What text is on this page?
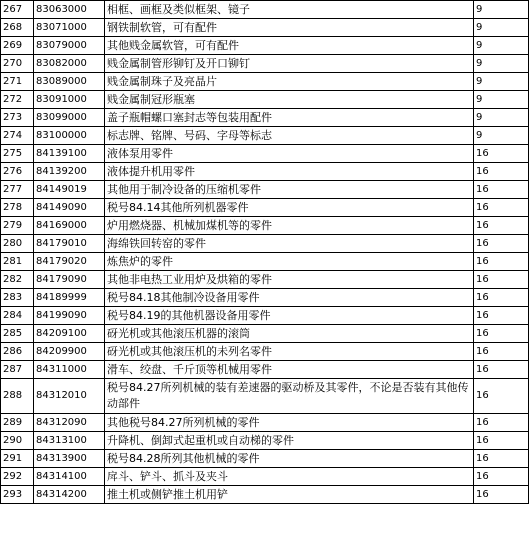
267	83063000	相框、画框及类似框架、镜子	9
268	83071000	钢铁制软管，可有配件	9
269	83079000	其他贱金属软管，可有配件	9
270	83082000	贱金属制管形铆钉及开口铆钉	9
271	83089000	贱金属制珠子及亮晶片	9
272	83091000	贱金属制冠形瓶塞	9
273	83099000	盖子瓶帽螺口塞封志等包装用配件	9
274	83100000	标志牌、铭牌、号码、字母等标志	9
275	84139100	液体泵用零件	16
276	84139200	液体提升机用零件	16
277	84149019	其他用于制冷设备的压缩机零件	16
278	84149090	税号84.14其他所列机器零件	16
279	84169000	炉用燃烧器、机械加煤机等的零件	16
280	84179010	海绵铁回转窑的零件	16
281	84179020	炼焦炉的零件	16
282	84179090	其他非电热工业用炉及烘箱的零件	16
283	84189999	税号84.18其他制冷设备用零件	16
284	84199090	税号84.19的其他机器设备用零件	16
285	84209100	砑光机或其他滚压机器的滚筒	16
286	84209900	砑光机或其他滚压机的未列名零件	16
287	84311000	滑车、绞盘、千斤顶等机械用零件	16
288	84312010	税号84.27所列机械的装有差速器的驱动桥及其零件，不论是否装有其他传动部件	16
289	84312090	其他税号84.27所列机械的零件	16
290	84313100	升降机、倒卸式起重机或自动梯的零件	16
291	84313900	税号84.28所列其他机械的零件	16
292	84314100	戽斗、铲斗、抓斗及夹斗	16
293	84314200	推土机或侧铲推土机用铲	16
